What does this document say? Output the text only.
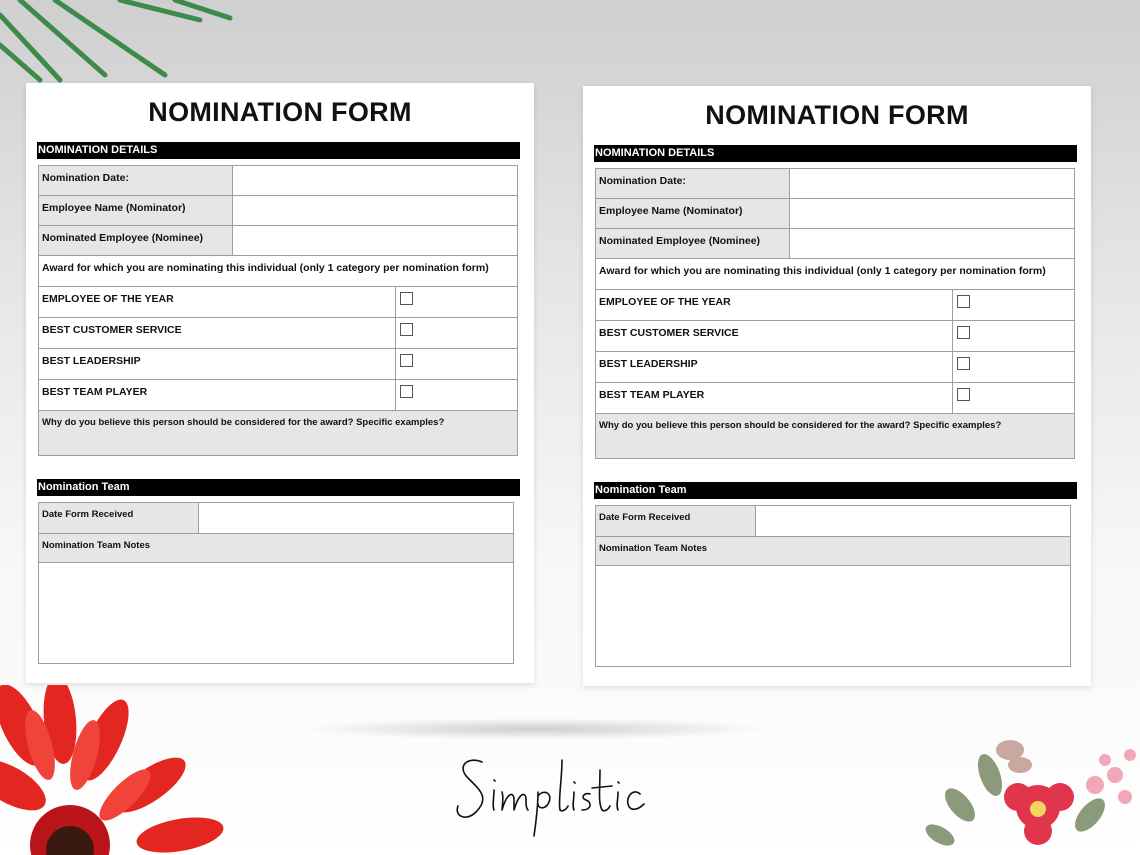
NOMINATION FORM
NOMINATION DETAILS
Nomination Date:
Employee Name (Nominator)
Nominated Employee (Nominee)
Award for which you are nominating this individual (only 1 category per nomination form)
EMPLOYEE OF THE YEAR
BEST CUSTOMER SERVICE
BEST LEADERSHIP
BEST TEAM PLAYER
Why do you believe this person should be considered for the award? Specific examples?
Nomination Team
Date Form Received
Nomination Team Notes
NOMINATION FORM
NOMINATION DETAILS
Nomination Date:
Employee Name (Nominator)
Nominated Employee (Nominee)
Award for which you are nominating this individual (only 1 category per nomination form)
EMPLOYEE OF THE YEAR
BEST CUSTOMER SERVICE
BEST LEADERSHIP
BEST TEAM PLAYER
Why do you believe this person should be considered for the award? Specific examples?
Nomination Team
Date Form Received
Nomination Team Notes
